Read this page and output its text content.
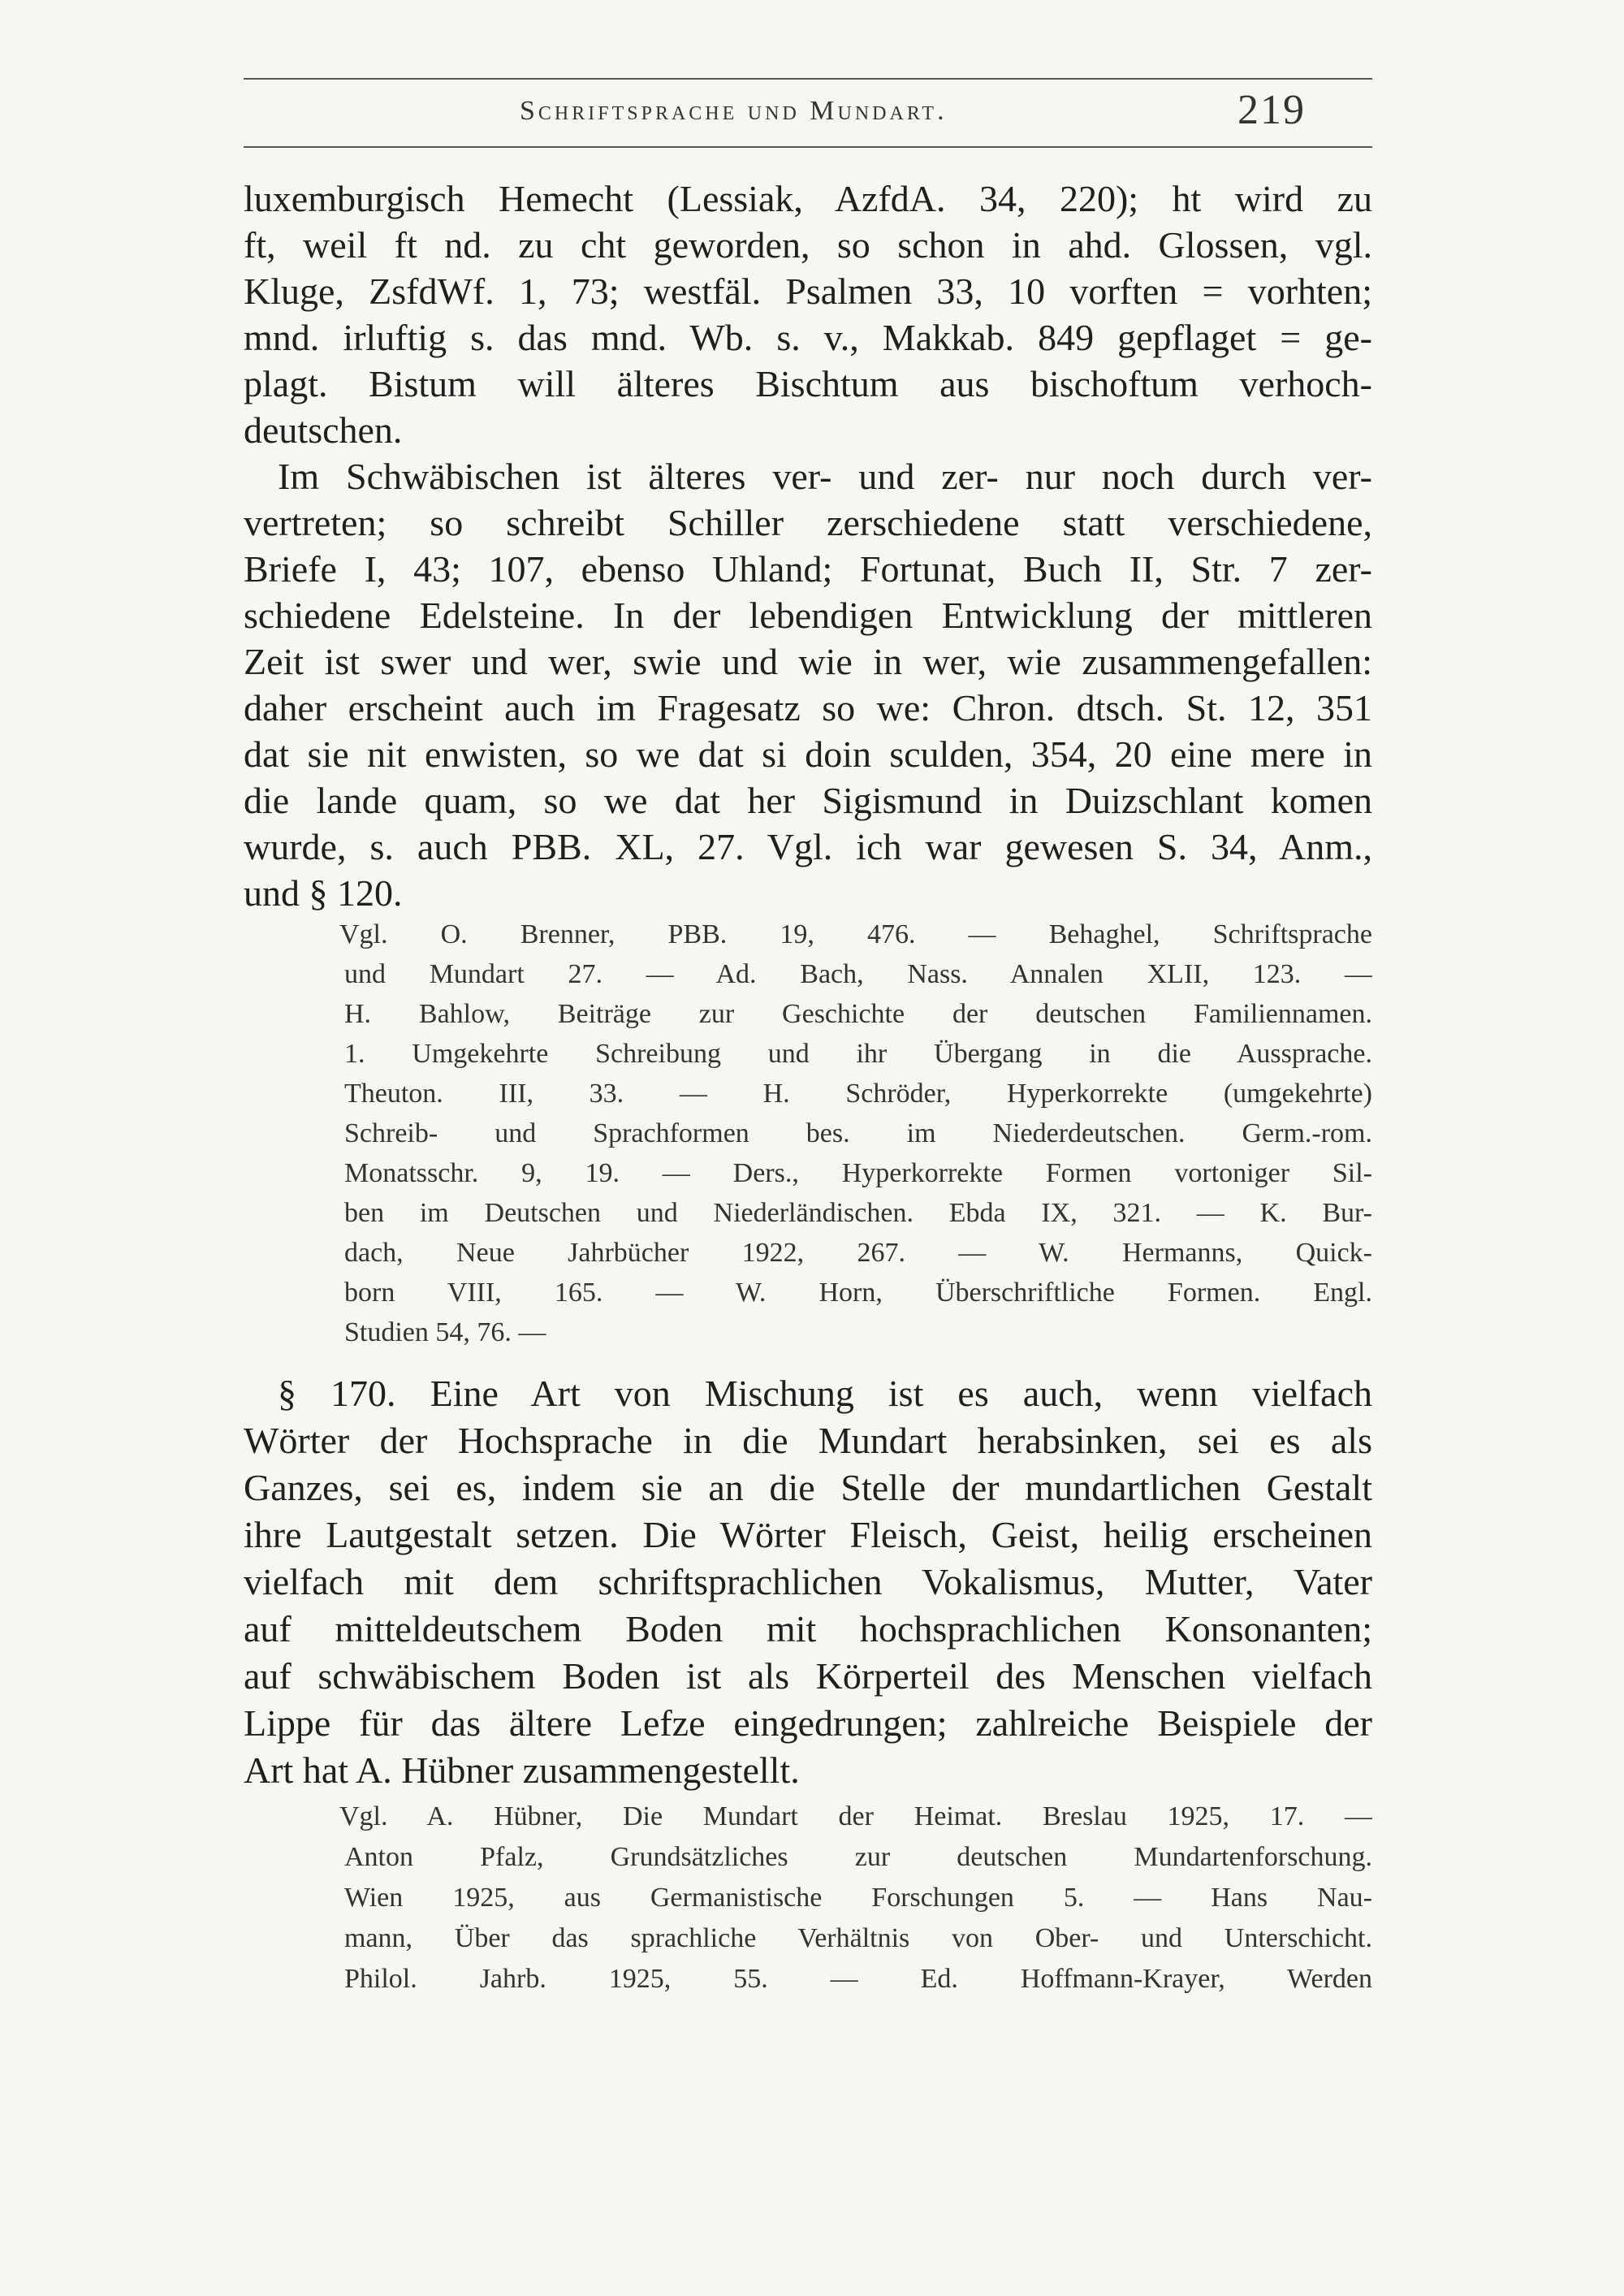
Schriftsprache und Mundart.	219
luxemburgisch Hemecht (Lessiak, AzfdA. 34, 220); ht wird zu
ft, weil ft nd. zu cht geworden, so schon in ahd. Glossen, vgl.
Kluge, ZsfdWf. 1, 73; westfäl. Psalmen 33, 10 vorften = vorhten;
mnd. irluftig s. das mnd. Wb. s. v., Makkab. 849 gepflaget = ge-
plagt. Bistum will älteres Bischtum aus bischoftum verhoch-
deutschen.
Im Schwäbischen ist älteres ver- und zer- nur noch durch ver-
vertreten; so schreibt Schiller zerschiedene statt verschiedene,
Briefe I, 43; 107, ebenso Uhland; Fortunat, Buch II, Str. 7 zer-
schiedene Edelsteine. In der lebendigen Entwicklung der mittleren
Zeit ist swer und wer, swie und wie in wer, wie zusammengefallen:
daher erscheint auch im Fragesatz so we: Chron. dtsch. St. 12, 351
dat sie nit enwisten, so we dat si doin sculden, 354, 20 eine mere in
die lande quam, so we dat her Sigismund in Duizschlant komen
wurde, s. auch PBB. XL, 27. Vgl. ich war gewesen S. 34, Anm.,
und § 120.
Vgl. O. Brenner, PBB. 19, 476. — Behaghel, Schriftsprache
und Mundart 27. — Ad. Bach, Nass. Annalen XLII, 123. —
H. Bahlow, Beiträge zur Geschichte der deutschen Familiennamen.
1. Umgekehrte Schreibung und ihr Übergang in die Aussprache.
Theuton. III, 33. — H. Schröder, Hyperkorrekte (umgekehrte)
Schreib- und Sprachformen bes. im Niederdeutschen. Germ.-rom.
Monatsschr. 9, 19. — Ders., Hyperkorrekte Formen vortoniger Sil-
ben im Deutschen und Niederländischen. Ebda IX, 321. — K. Bur-
dach, Neue Jahrbücher 1922, 267. — W. Hermanns, Quick-
born VIII, 165. — W. Horn, Überschriftliche Formen. Engl.
Studien 54, 76. —
§ 170. Eine Art von Mischung ist es auch, wenn vielfach
Wörter der Hochsprache in die Mundart herabsinken, sei es als
Ganzes, sei es, indem sie an die Stelle der mundartlichen Gestalt
ihre Lautgestalt setzen. Die Wörter Fleisch, Geist, heilig erscheinen
vielfach mit dem schriftsprachlichen Vokalismus, Mutter, Vater
auf mitteldeutschem Boden mit hochsprachlichen Konsonanten;
auf schwäbischem Boden ist als Körperteil des Menschen vielfach
Lippe für das ältere Lefze eingedrungen; zahlreiche Beispiele der
Art hat A. Hübner zusammengestellt.
Vgl. A. Hübner, Die Mundart der Heimat. Breslau 1925, 17. —
Anton Pfalz, Grundsätzliches zur deutschen Mundartenforschung.
Wien 1925, aus Germanistische Forschungen 5. — Hans Nau-
mann, Über das sprachliche Verhältnis von Ober- und Unterschicht.
Philol. Jahrb. 1925, 55. — Ed. Hoffmann-Krayer, Werden
